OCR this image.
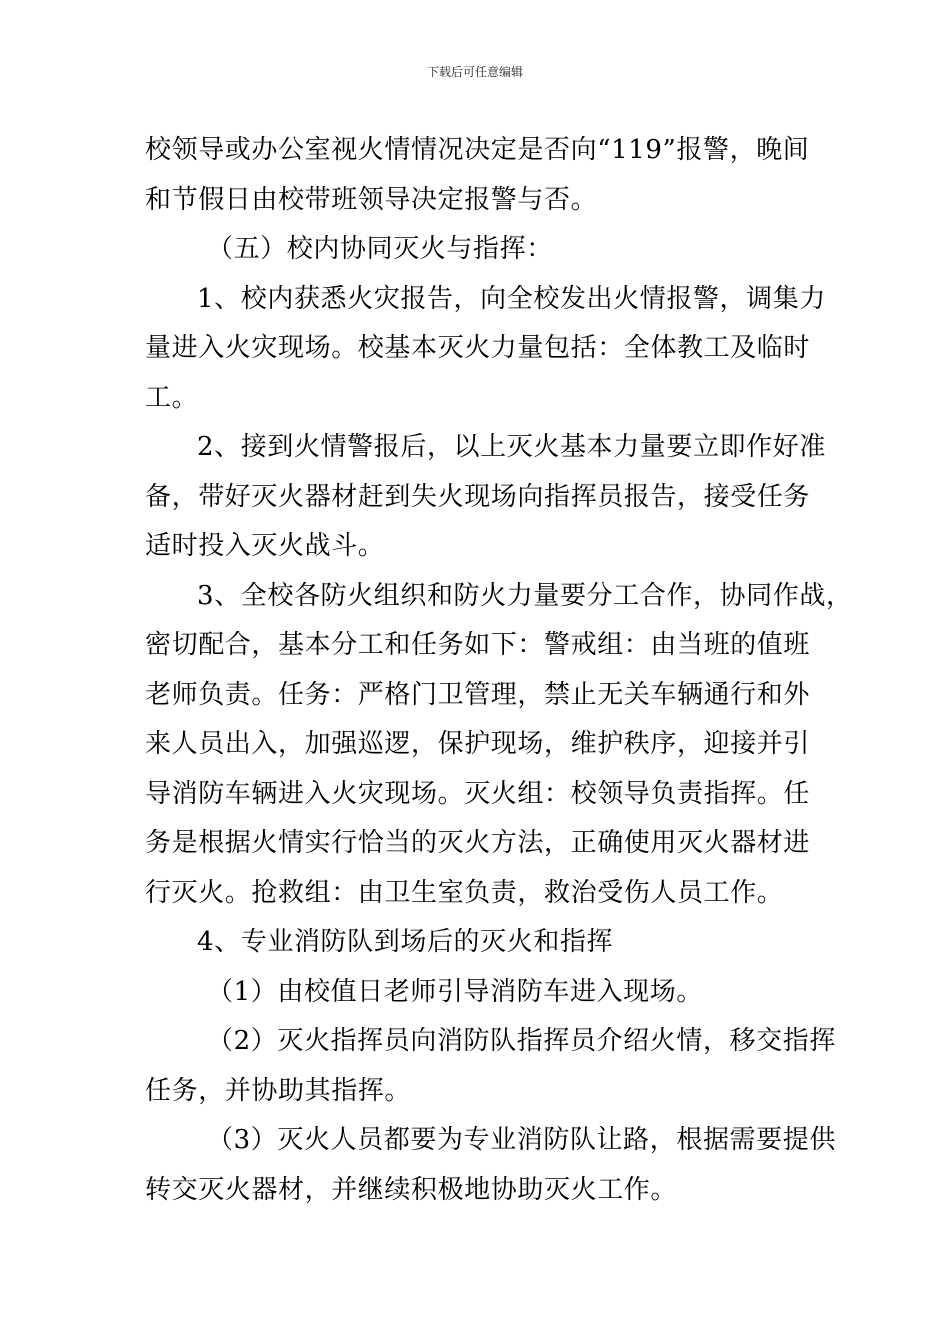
下载后可任意编辑
校领导或办公室视火情情况决定是否向“119”报警，晚间
和节假日由校带班领导决定报警与否。
（五）校内协同灭火与指挥：
1、校内获悉火灾报告，向全校发出火情报警，调集力
量进入火灾现场。校基本灭火力量包括：全体教工及临时
工。
2、接到火情警报后，以上灭火基本力量要立即作好准
备，带好灭火器材赶到失火现场向指挥员报告，接受任务
适时投入灭火战斗。
3、全校各防火组织和防火力量要分工合作，协同作战，
密切配合，基本分工和任务如下：警戒组：由当班的值班
老师负责。任务：严格门卫管理，禁止无关车辆通行和外
来人员出入，加强巡逻，保护现场，维护秩序，迎接并引
导消防车辆进入火灾现场。灭火组：校领导负责指挥。任
务是根据火情实行恰当的灭火方法，正确使用灭火器材进
行灭火。抢救组：由卫生室负责，救治受伤人员工作。
4、专业消防队到场后的灭火和指挥
（1）由校值日老师引导消防车进入现场。
（2）灭火指挥员向消防队指挥员介绍火情，移交指挥
任务，并协助其指挥。
（3）灭火人员都要为专业消防队让路，根据需要提供
转交灭火器材，并继续积极地协助灭火工作。
